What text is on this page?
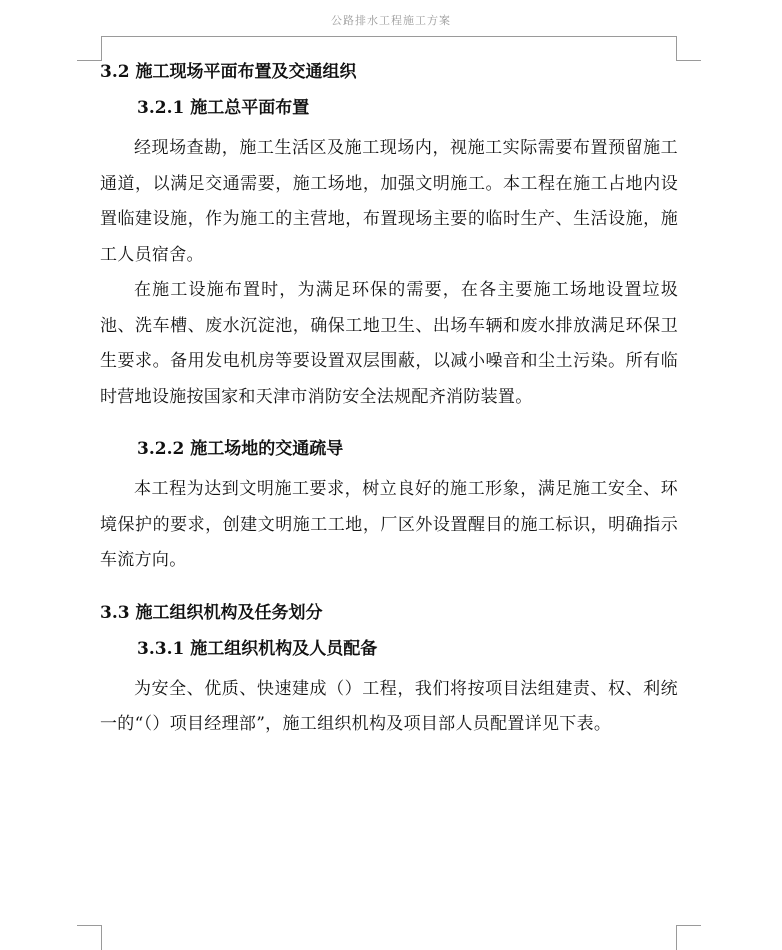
公路排水工程施工方案
3.2 施工现场平面布置及交通组织
3.2.1 施工总平面布置

经现场查勘，施工生活区及施工现场内，视施工实际需要布置预留施工通道，以满足交通需要，施工场地，加强文明施工。本工程在施工占地内设置临建设施，作为施工的主营地，布置现场主要的临时生产、生活设施，施工人员宿舍。

在施工设施布置时，为满足环保的需要，在各主要施工场地设置垃圾池、洗车槽、废水沉淀池，确保工地卫生、出场车辆和废水排放满足环保卫生要求。备用发电机房等要设置双层围蔽，以减小噪音和尘土污染。所有临时营地设施按国家和天津市消防安全法规配齐消防装置。

3.2.2 施工场地的交通疏导

本工程为达到文明施工要求，树立良好的施工形象，满足施工安全、环境保护的要求，创建文明施工工地，厂区外设置醒目的施工标识，明确指示车流方向。

3.3 施工组织机构及任务划分
3.3.1 施工组织机构及人员配备

为安全、优质、快速建成（）工程，我们将按项目法组建责、权、利统一的“（）项目经理部”，施工组织机构及项目部人员配置详见下表。
